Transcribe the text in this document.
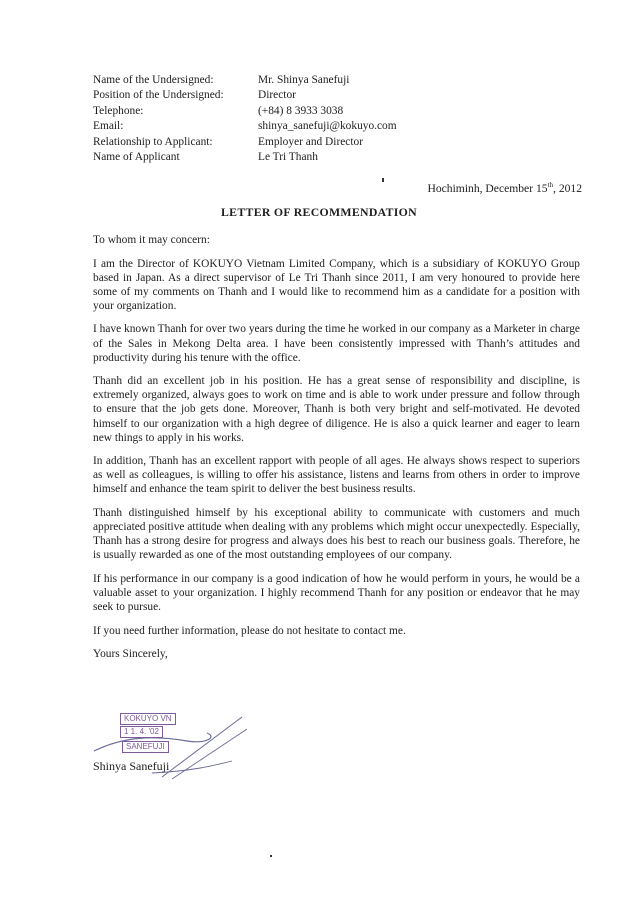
Name of the Undersigned:	Mr. Shinya Sanefuji
Position of the Undersigned:	Director
Telephone:	(+84) 8 3933 3038
Email:	shinya_sanefuji@kokuyo.com
Relationship to Applicant:	Employer and Director
Name of Applicant	Le Tri Thanh
Hochiminh, December 15th, 2012
LETTER OF RECOMMENDATION

To whom it may concern:

I am the Director of KOKUYO Vietnam Limited Company, which is a subsidiary of KOKUYO Group based in Japan. As a direct supervisor of Le Tri Thanh since 2011, I am very honoured to provide here some of my comments on Thanh and I would like to recommend him as a candidate for a position with your organization.

I have known Thanh for over two years during the time he worked in our company as a Marketer in charge of the Sales in Mekong Delta area. I have been consistently impressed with Thanh’s attitudes and productivity during his tenure with the office.

Thanh did an excellent job in his position. He has a great sense of responsibility and discipline, is extremely organized, always goes to work on time and is able to work under pressure and follow through to ensure that the job gets done. Moreover, Thanh is both very bright and self-motivated. He devoted himself to our organization with a high degree of diligence. He is also a quick learner and eager to learn new things to apply in his works.

In addition, Thanh has an excellent rapport with people of all ages. He always shows respect to superiors as well as colleagues, is willing to offer his assistance, listens and learns from others in order to improve himself and enhance the team spirit to deliver the best business results.

Thanh distinguished himself by his exceptional ability to communicate with customers and much appreciated positive attitude when dealing with any problems which might occur unexpectedly. Especially, Thanh has a strong desire for progress and always does his best to reach our business goals. Therefore, he is usually rewarded as one of the most outstanding employees of our company.

If his performance in our company is a good indication of how he would perform in yours, he would be a valuable asset to your organization. I highly recommend Thanh for any position or endeavor that he may seek to pursue.

If you need further information, please do not hesitate to contact me.

Yours Sincerely,

KOKUYO VN
1 1. 4. '02
SANEFUJI
Shinya Sanefuji
